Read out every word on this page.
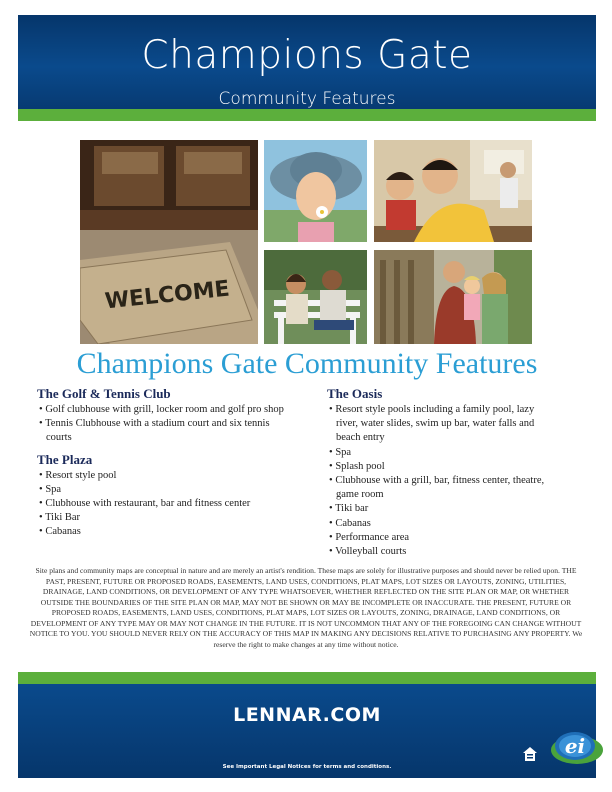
Champions Gate
Community Features
WELCOME
Champions Gate Community Features
The Golf & Tennis Club
• Golf clubhouse with grill, locker room and golf pro shop
• Tennis Clubhouse with a stadium court and six tennis courts
The Plaza
• Resort style pool
• Spa
• Clubhouse with restaurant, bar and fitness center
• Tiki Bar
• Cabanas
The Oasis
• Resort style pools including a family pool, lazy river, water slides, swim up bar, water falls and beach entry
• Spa
• Splash pool
• Clubhouse with a grill, bar, fitness center, theatre, game room
• Tiki bar
• Cabanas
• Performance area
• Volleyball courts
Site plans and community maps are conceptual in nature and are merely an artist's rendition. These maps are solely for illustrative purposes and should never be relied upon. THE PAST, PRESENT, FUTURE OR PROPOSED ROADS, EASEMENTS, LAND USES, CONDITIONS, PLAT MAPS, LOT SIZES OR LAYOUTS, ZONING, UTILITIES, DRAINAGE, LAND CONDITIONS, OR DEVELOPMENT OF ANY TYPE WHATSOEVER, WHETHER REFLECTED ON THE SITE PLAN OR MAP, OR WHETHER OUTSIDE THE BOUNDARIES OF THE SITE PLAN OR MAP, MAY NOT BE SHOWN OR MAY BE INCOMPLETE OR INACCURATE. THE PRESENT, FUTURE OR PROPOSED ROADS, EASEMENTS, LAND USES, CONDITIONS, PLAT MAPS, LOT SIZES OR LAYOUTS, ZONING, DRAINAGE, LAND CONDITIONS, OR DEVELOPMENT OF ANY TYPE MAY OR MAY NOT CHANGE IN THE FUTURE. IT IS NOT UNCOMMON THAT ANY OF THE FOREGOING CAN CHANGE WITHOUT NOTICE TO YOU. YOU SHOULD NEVER RELY ON THE ACCURACY OF THIS MAP IN MAKING ANY DECISIONS RELATIVE TO PURCHASING ANY PROPERTY. We reserve the right to make changes at any time without notice.
LENNAR.COM
See Important Legal Notices for terms and conditions.
ei
